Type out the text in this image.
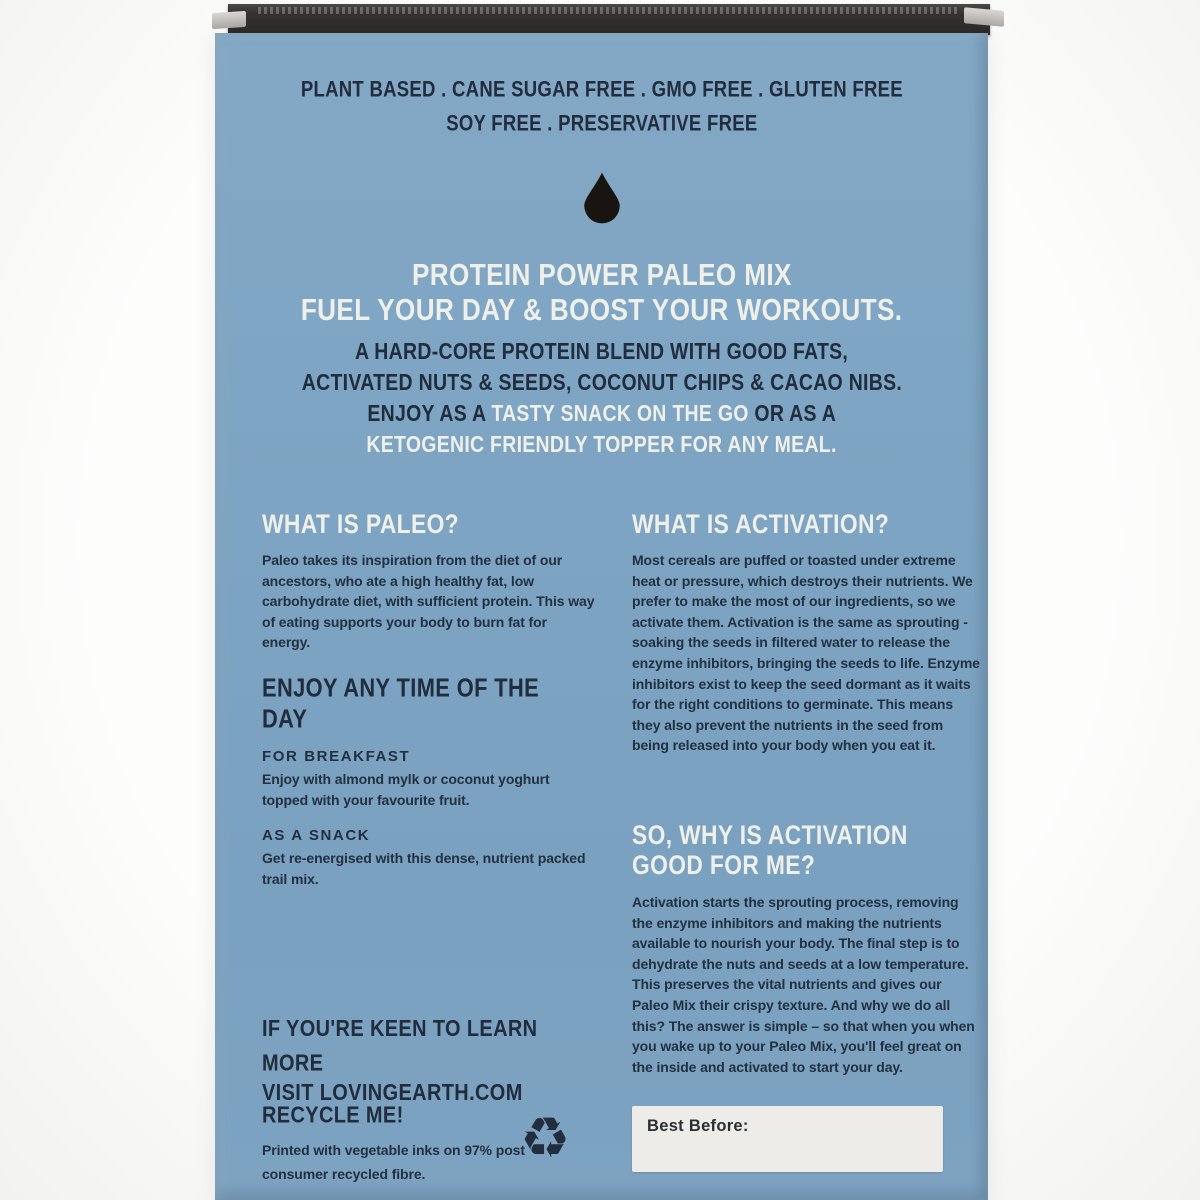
PLANT BASED . CANE SUGAR FREE . GMO FREE . GLUTEN FREE
SOY FREE . PRESERVATIVE FREE
PROTEIN POWER PALEO MIX
FUEL YOUR DAY & BOOST YOUR WORKOUTS.
A HARD-CORE PROTEIN BLEND WITH GOOD FATS,
ACTIVATED NUTS & SEEDS, COCONUT CHIPS & CACAO NIBS.
ENJOY AS A TASTY SNACK ON THE GO OR AS A
KETOGENIC FRIENDLY TOPPER FOR ANY MEAL.
WHAT IS PALEO?

Paleo takes its inspiration from the diet of our ancestors, who ate a high healthy fat, low carbohydrate diet, with sufficient protein. This way of eating supports your body to burn fat for energy.

ENJOY ANY TIME OF THE DAY
FOR BREAKFAST

Enjoy with almond mylk or coconut yoghurt topped with your favourite fruit.

AS A SNACK

Get re-energised with this dense, nutrient packed trail mix.

IF YOU'RE KEEN TO LEARN MORE
VISIT LOVINGEARTH.COM
RECYCLE ME!

Printed with vegetable inks on 97% post consumer recycled fibre.

♻	Best Before:
WHAT IS ACTIVATION?

Most cereals are puffed or toasted under extreme heat or pressure, which destroys their nutrients. We prefer to make the most of our ingredients, so we activate them. Activation is the same as sprouting - soaking the seeds in filtered water to release the enzyme inhibitors, bringing the seeds to life. Enzyme inhibitors exist to keep the seed dormant as it waits for the right conditions to germinate. This means they also prevent the nutrients in the seed from being released into your body when you eat it.

SO, WHY IS ACTIVATION
GOOD FOR ME?

Activation starts the sprouting process, removing the enzyme inhibitors and making the nutrients available to nourish your body. The final step is to dehydrate the nuts and seeds at a low temperature. This preserves the vital nutrients and gives our Paleo Mix their crispy texture. And why we do all this? The answer is simple – so that when you when you wake up to your Paleo Mix, you'll feel great on the inside and activated to start your day.
